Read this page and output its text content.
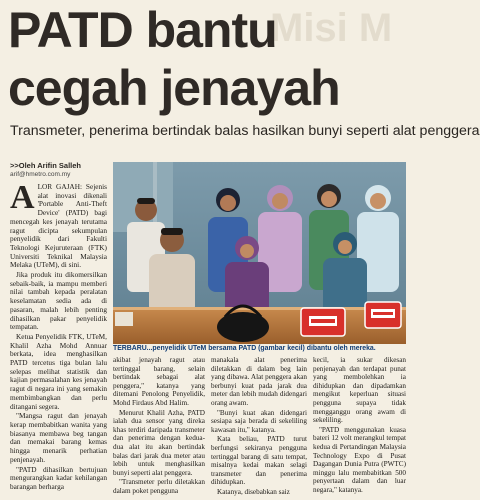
Misi M
PATD bantu
cegah jenayah
Transmeter, penerima bertindak balas hasilkan bunyi seperti alat penggera
>>Oleh Arifin Salleh
arif@hmetro.com.my
A LOR GAJAH: Sejenis alat inovasi dikenali 'Portable Anti-Theft Device' (PATD) bagi mencegah kes jenayah terutama ragut dicipta sekumpulan penyelidik dari Fakulti Teknologi Kejuruteraan (FTK) Universiti Teknikal Malaysia Melaka (UTeM), di sini.

Jika produk itu dikomersilkan sebaik-baik, ia mampu memberi nilai tambah kepada peralatan keselamatan sedia ada di pasaran, malah lebih penting dihasilkan pakar penyelidik tempatan.

Ketua Penyelidik FTK, UTeM, Khalil Azha Mohd Annuar berkata, idea menghasilkan PATD tercetus tiga bulan lalu selepas melihat statistik dan kajian permasalahan kes jenayah ragut di negara ini yang semakin membimbangkan dan perlu ditangani segera.

"Mangsa ragut dan jenayah kerap membabitkan wanita yang biasanya membawa beg tangan dan memakai barang kemas hingga menarik perhatian penjenayah.

"PATD dihasilkan bertujuan mengurangkan kadar kehilangan barangan berharga

TERBARU...penyelidik UTeM bersama PATD (gambar kecil) dibantu oleh mereka.

akibat jenayah ragut atau tertinggal barang, selain bertindak sebagai alat penggera," katanya yang ditemani Penolong Penyelidik, Mohd Firdaus Abd Halim.

Menurut Khalil Azha, PATD ialah dua sensor yang direka khas terdiri daripada transmeter dan penerima dengan kedua-dua alat itu akan bertindak balas dari jarak dua meter atau lebih untuk menghasilkan bunyi seperti alat penggera.

"Transmeter perlu diletakkan dalam poket pengguna

manakala alat penerima diletakkan di dalam beg lain yang dibawa. Alat penggera akan berbunyi kuat pada jarak dua meter dan lebih mudah didengari orang awam.

"Bunyi kuat akan didengari sesiapa saja berada di sekeliling kawasan itu," katanya.

Kata beliau, PATD turut berfungsi sekiranya pengguna tertinggal barang di satu tempat, misalnya kedai makan selagi transmeter dan penerima dihidupkan.

Katanya, disebabkan saiz

kecil, ia sukar dikesan penjenayah dan terdapat punat yang membolehkan ia dihidupkan dan dipadamkan mengikut keperluan situasi pengguna supaya tidak mengganggu orang awam di sekeliling.

"PATD menggunakan kuasa bateri 12 volt merangkul tempat kedua di Pertandingan Malaysia Technology Expo di Pusat Dagangan Dunia Putra (PWTC) minggu lalu membabitkan 500 penyertaan dalam dan luar negara," katanya.
